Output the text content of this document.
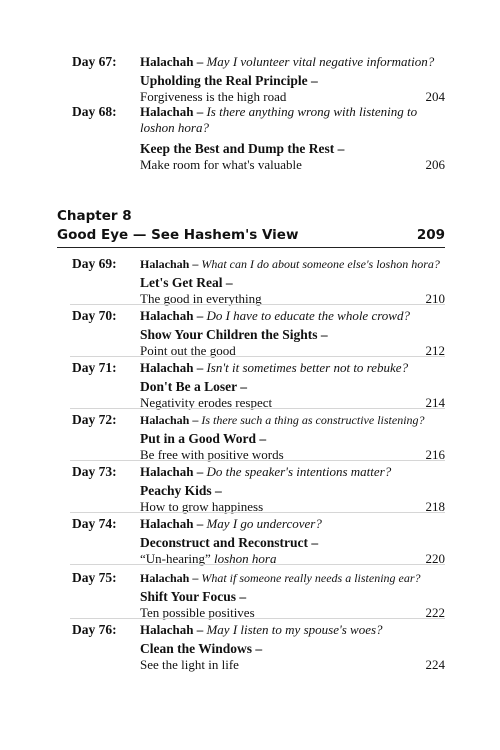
Day 67: Halachah – May I volunteer vital negative information?
Upholding the Real Principle –
Forgiveness is the high road	204
Day 68: Halachah – Is there anything wrong with listening to loshon hora?
Keep the Best and Dump the Rest –
Make room for what's valuable	206
Chapter 8
Good Eye — See Hashem's View	209
Day 69: Halachah – What can I do about someone else's loshon hora?
Let's Get Real –
The good in everything	210
Day 70: Halachah – Do I have to educate the whole crowd?
Show Your Children the Sights –
Point out the good	212
Day 71: Halachah – Isn't it sometimes better not to rebuke?
Don't Be a Loser –
Negativity erodes respect	214
Day 72: Halachah – Is there such a thing as constructive listening?
Put in a Good Word –
Be free with positive words	216
Day 73: Halachah – Do the speaker's intentions matter?
Peachy Kids –
How to grow happiness	218
Day 74: Halachah – May I go undercover?
Deconstruct and Reconstruct –
“Un-hearing” loshon hora	220
Day 75: Halachah – What if someone really needs a listening ear?
Shift Your Focus –
Ten possible positives	222
Day 76: Halachah – May I listen to my spouse's woes?
Clean the Windows –
See the light in life	224
